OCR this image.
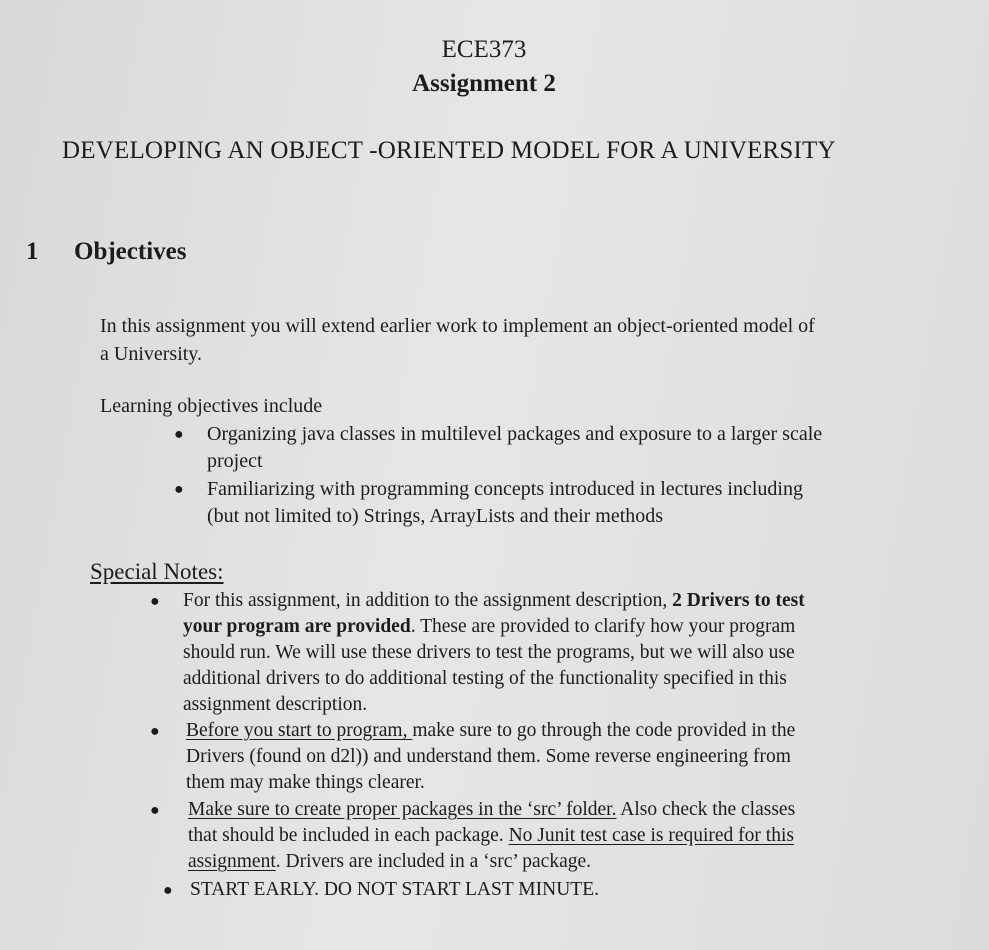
ECE373
Assignment 2
DEVELOPING AN OBJECT -ORIENTED MODEL FOR A UNIVERSITY
1 Objectives
In this assignment you will extend earlier work to implement an object-oriented model of
a University.
Learning objectives include
● Organizing java classes in multilevel packages and exposure to a larger scale
project
● Familiarizing with programming concepts introduced in lectures including
(but not limited to) Strings, ArrayLists and their methods
Special Notes:
● For this assignment, in addition to the assignment description, 2 Drivers to test
your program are provided. These are provided to clarify how your program
should run. We will use these drivers to test the programs, but we will also use
additional drivers to do additional testing of the functionality specified in this
assignment description.
● Before you start to program, make sure to go through the code provided in the
Drivers (found on d2l)) and understand them. Some reverse engineering from
them may make things clearer.
● Make sure to create proper packages in the ‘src’ folder. Also check the classes
that should be included in each package. No Junit test case is required for this
assignment. Drivers are included in a ‘src’ package.
● START EARLY. DO NOT START LAST MINUTE.
